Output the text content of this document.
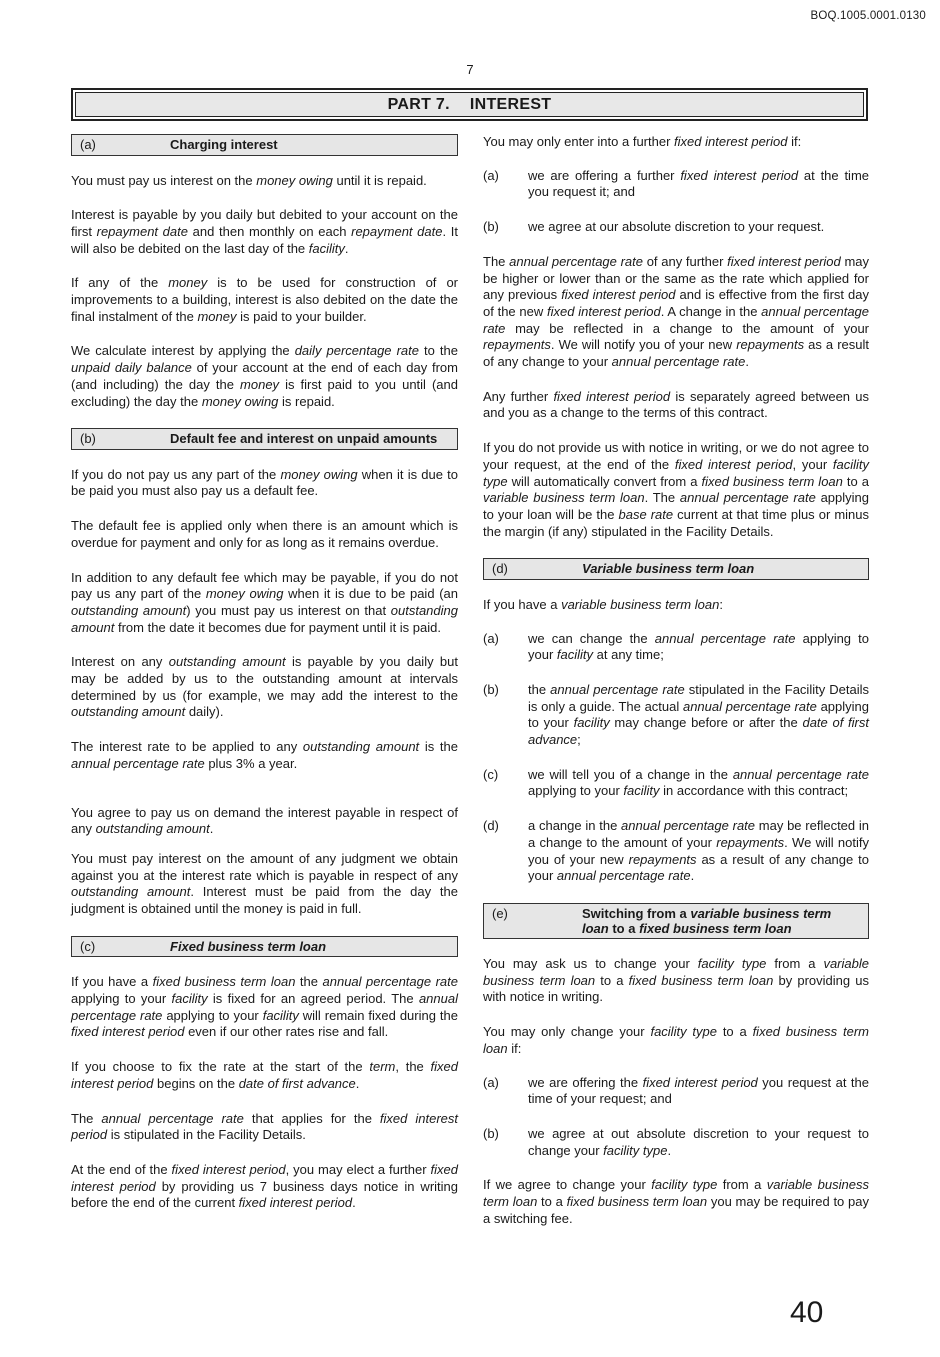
BOQ.1005.0001.0130
7
PART 7. INTEREST
(a)	Charging interest

You must pay us interest on the money owing until it is repaid.

Interest is payable by you daily but debited to your account on the first repayment date and then monthly on each repayment date. It will also be debited on the last day of the facility.

If any of the money is to be used for construction of or improvements to a building, interest is also debited on the date the final instalment of the money is paid to your builder.

We calculate interest by applying the daily percentage rate to the unpaid daily balance of your account at the end of each day from (and including) the day the money is first paid to you until (and excluding) the day the money owing is repaid.

(b)	Default fee and interest on unpaid amounts

If you do not pay us any part of the money owing when it is due to be paid you must also pay us a default fee.

The default fee is applied only when there is an amount which is overdue for payment and only for as long as it remains overdue.

In addition to any default fee which may be payable, if you do not pay us any part of the money owing when it is due to be paid (an outstanding amount) you must pay us interest on that outstanding amount from the date it becomes due for payment until it is paid.

Interest on any outstanding amount is payable by you daily but may be added by us to the outstanding amount at intervals determined by us (for example, we may add the interest to the outstanding amount daily).

The interest rate to be applied to any outstanding amount is the annual percentage rate plus 3% a year.

You agree to pay us on demand the interest payable in respect of any outstanding amount.

You must pay interest on the amount of any judgment we obtain against you at the interest rate which is payable in respect of any outstanding amount. Interest must be paid from the day the judgment is obtained until the money is paid in full.

(c)	Fixed business term loan

If you have a fixed business term loan the annual percentage rate applying to your facility is fixed for an agreed period. The annual percentage rate applying to your facility will remain fixed during the fixed interest period even if our other rates rise and fall.

If you choose to fix the rate at the start of the term, the fixed interest period begins on the date of first advance.

The annual percentage rate that applies for the fixed interest period is stipulated in the Facility Details.

At the end of the fixed interest period, you may elect a further fixed interest period by providing us 7 business days notice in writing before the end of the current fixed interest period.

You may only enter into a further fixed interest period if:

(a)	we are offering a further fixed interest period at the time you request it; and
(b)	we agree at our absolute discretion to your request.

The annual percentage rate of any further fixed interest period may be higher or lower than or the same as the rate which applied for any previous fixed interest period and is effective from the first day of the new fixed interest period. A change in the annual percentage rate may be reflected in a change to the amount of your repayments. We will notify you of your new repayments as a result of any change to your annual percentage rate.

Any further fixed interest period is separately agreed between us and you as a change to the terms of this contract.

If you do not provide us with notice in writing, or we do not agree to your request, at the end of the fixed interest period, your facility type will automatically convert from a fixed business term loan to a variable business term loan. The annual percentage rate applying to your loan will be the base rate current at that time plus or minus the margin (if any) stipulated in the Facility Details.

(d)	Variable business term loan

If you have a variable business term loan:

(a)	we can change the annual percentage rate applying to your facility at any time;
(b)	the annual percentage rate stipulated in the Facility Details is only a guide. The actual annual percentage rate applying to your facility may change before or after the date of first advance;
(c)	we will tell you of a change in the annual percentage rate applying to your facility in accordance with this contract;
(d)	a change in the annual percentage rate may be reflected in a change to the amount of your repayments. We will notify you of your new repayments as a result of any change to your annual percentage rate.
(e)	Switching from a variable business term loan to a fixed business term loan

You may ask us to change your facility type from a variable business term loan to a fixed business term loan by providing us with notice in writing.

You may only change your facility type to a fixed business term loan if:

(a)	we are offering the fixed interest period you request at the time of your request; and
(b)	we agree at out absolute discretion to your request to change your facility type.

If we agree to change your facility type from a variable business term loan to a fixed business term loan you may be required to pay a switching fee.

40
